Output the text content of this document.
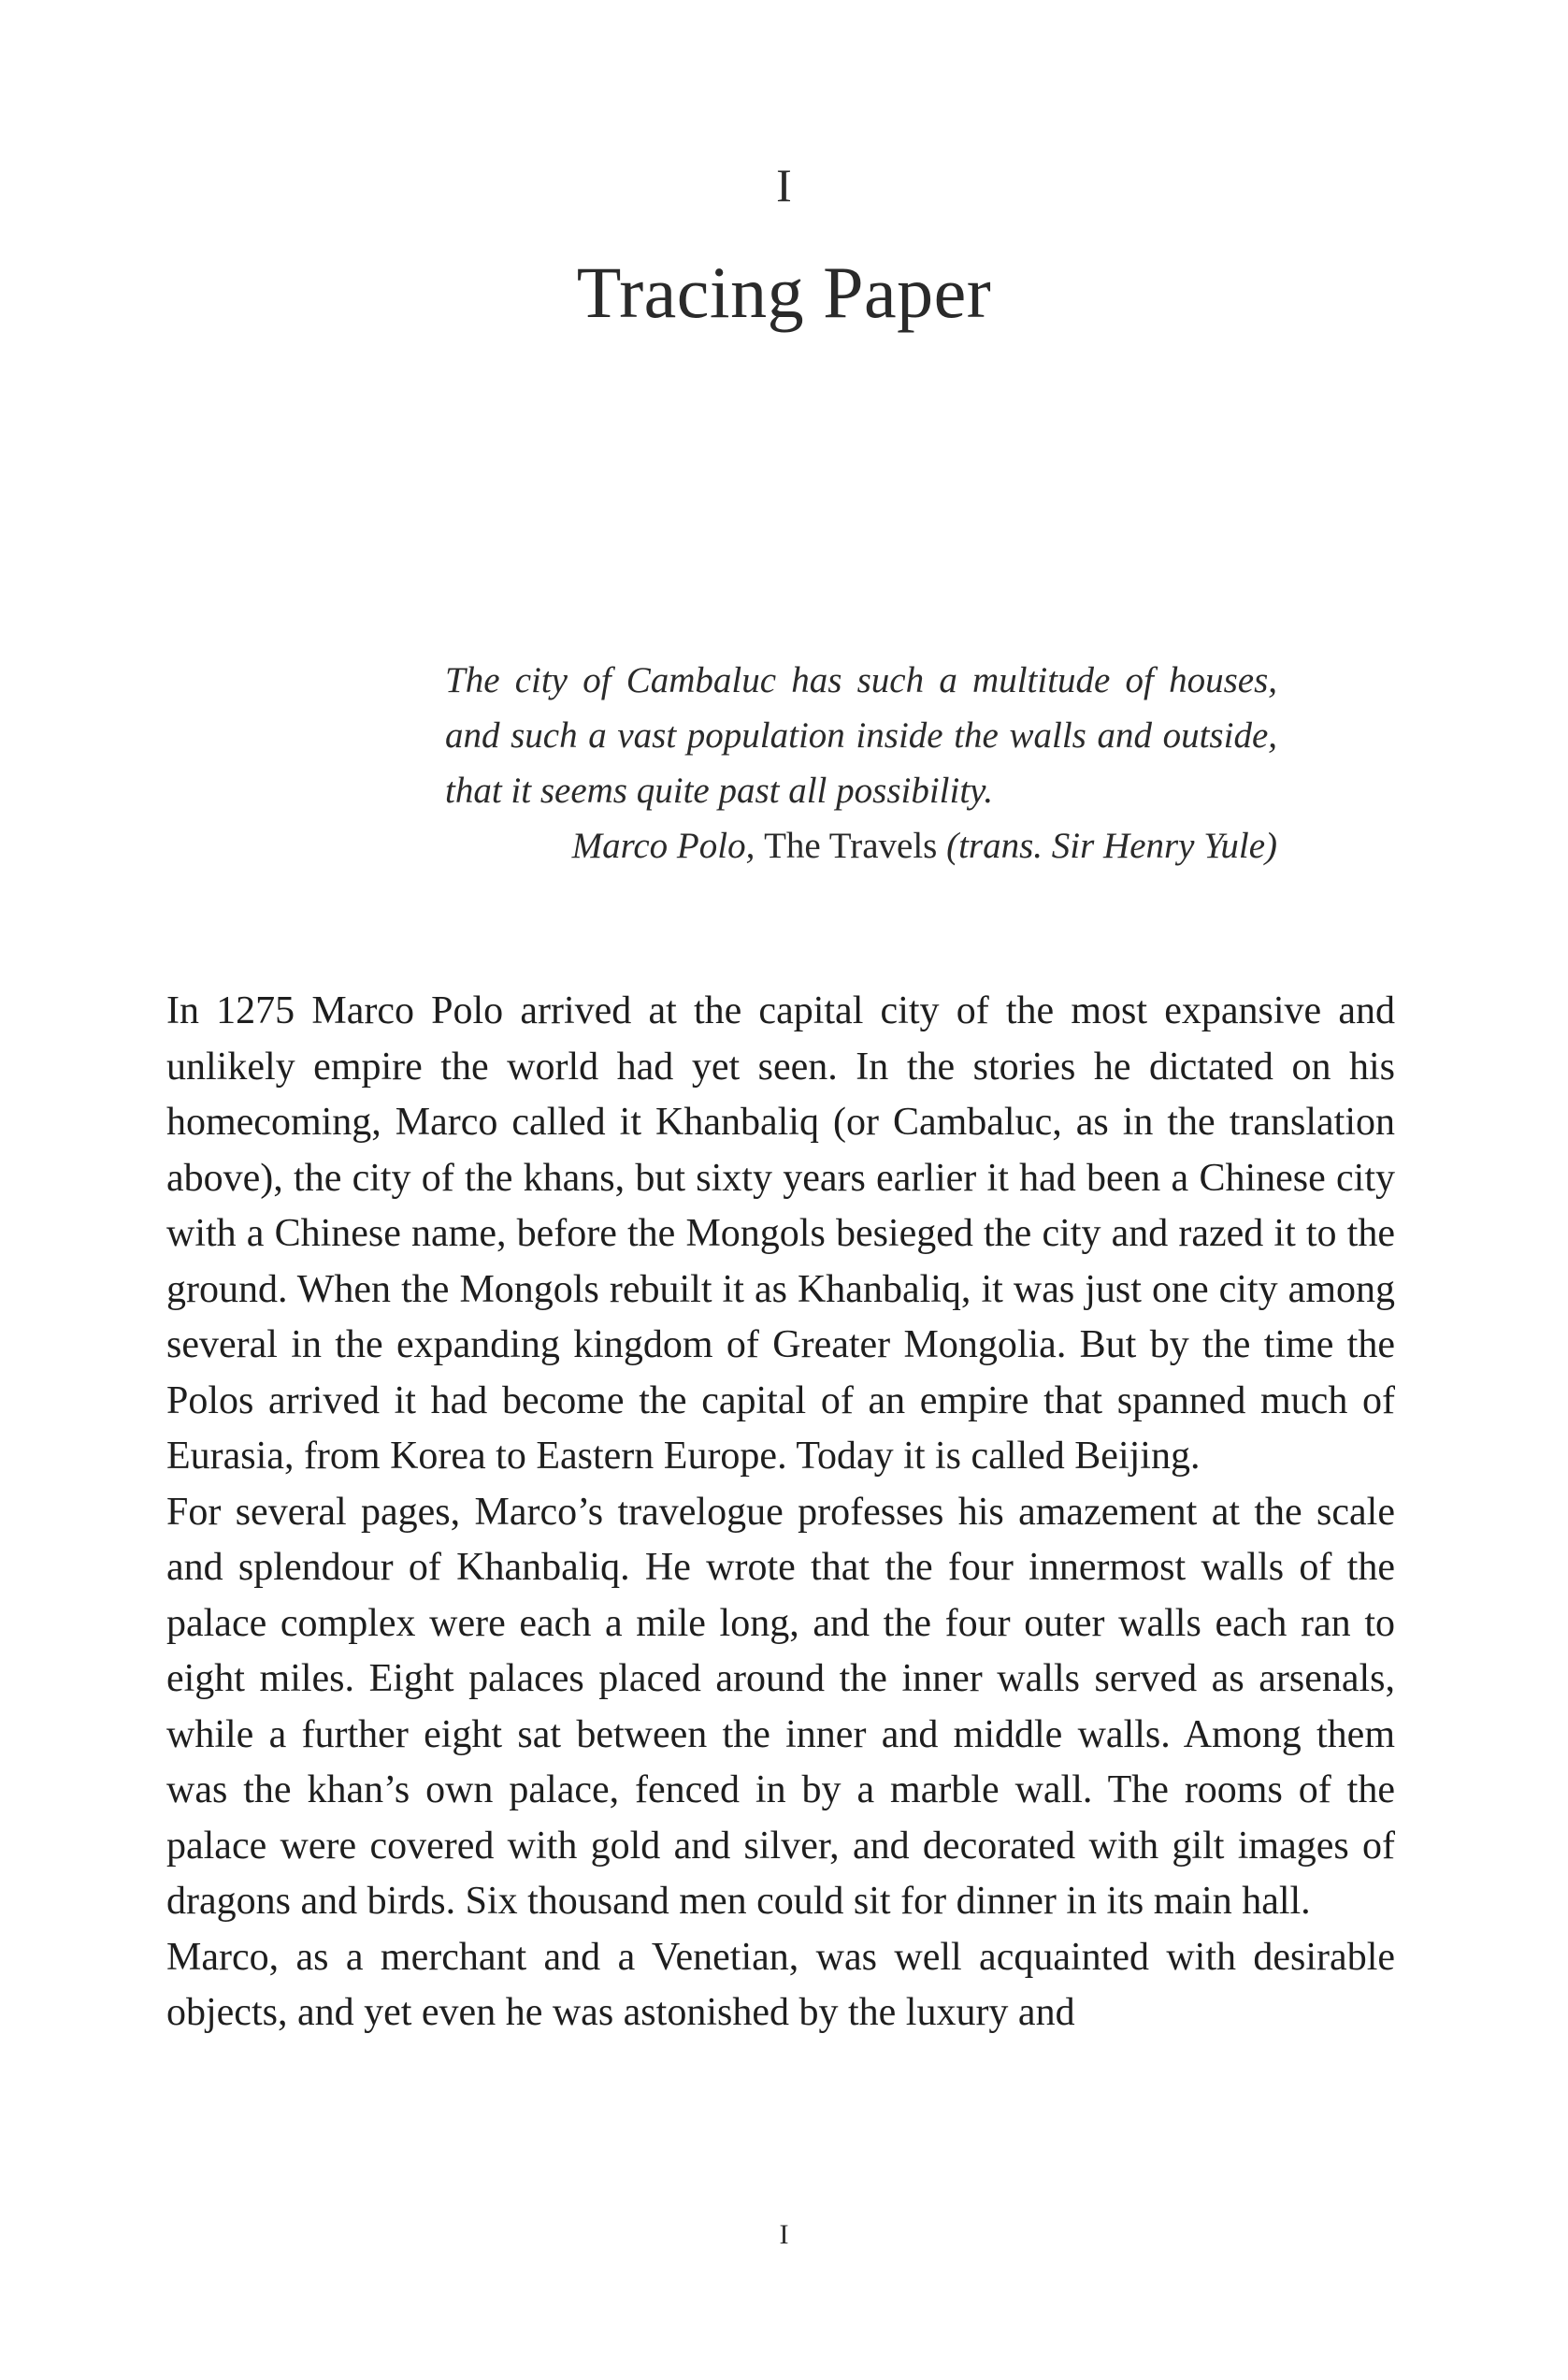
I
Tracing Paper

The city of Cambaluc has such a multitude of houses, and such a vast population inside the walls and outside, that it seems quite past all possibility.

Marco Polo, The Travels (trans. Sir Henry Yule)

In 1275 Marco Polo arrived at the capital city of the most expansive and unlikely empire the world had yet seen. In the stories he dictated on his homecoming, Marco called it Khanbaliq (or Cambaluc, as in the translation above), the city of the khans, but sixty years earlier it had been a Chinese city with a Chinese name, before the Mongols besieged the city and razed it to the ground. When the Mongols rebuilt it as Khanbaliq, it was just one city among several in the expanding kingdom of Greater Mongolia. But by the time the Polos arrived it had become the capital of an empire that spanned much of Eurasia, from Korea to Eastern Europe. Today it is called Beijing.

For several pages, Marco’s travelogue professes his amazement at the scale and splendour of Khanbaliq. He wrote that the four innermost walls of the palace complex were each a mile long, and the four outer walls each ran to eight miles. Eight palaces placed around the inner walls served as arsenals, while a further eight sat between the inner and middle walls. Among them was the khan’s own palace, fenced in by a marble wall. The rooms of the palace were covered with gold and silver, and decorated with gilt images of dragons and birds. Six thousand men could sit for dinner in its main hall.

Marco, as a merchant and a Venetian, was well acquainted with desirable objects, and yet even he was astonished by the luxury and

I
